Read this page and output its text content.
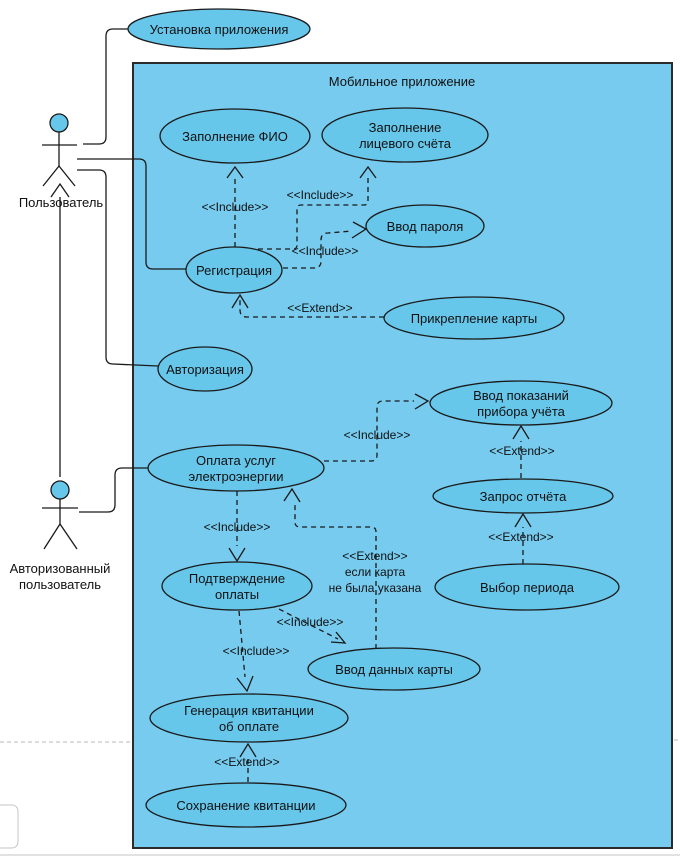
Мобильное приложение
Установка приложения
Заполнение ФИО
Заполнение
лицевого счёта
Ввод пароля
Регистрация
Прикрепление карты
Авторизация
Ввод показаний
прибора учёта
Оплата услуг
электроэнергии
Запрос отчёта
Подтверждение
оплаты	Выбор периода
Ввод данных карты
Генерация квитанции
об оплате
Сохранение квитанции
<<Include>>
<<Include>>
<<Include>>
<<Extend>>
<<Include>>
<<Extend>>
<<Include>>
<<Extend>>
<<Extend>>
если карта
не была указана
<<Include>>
<<Include>>
<<Extend>>
Пользователь
Авторизованный
пользователь
